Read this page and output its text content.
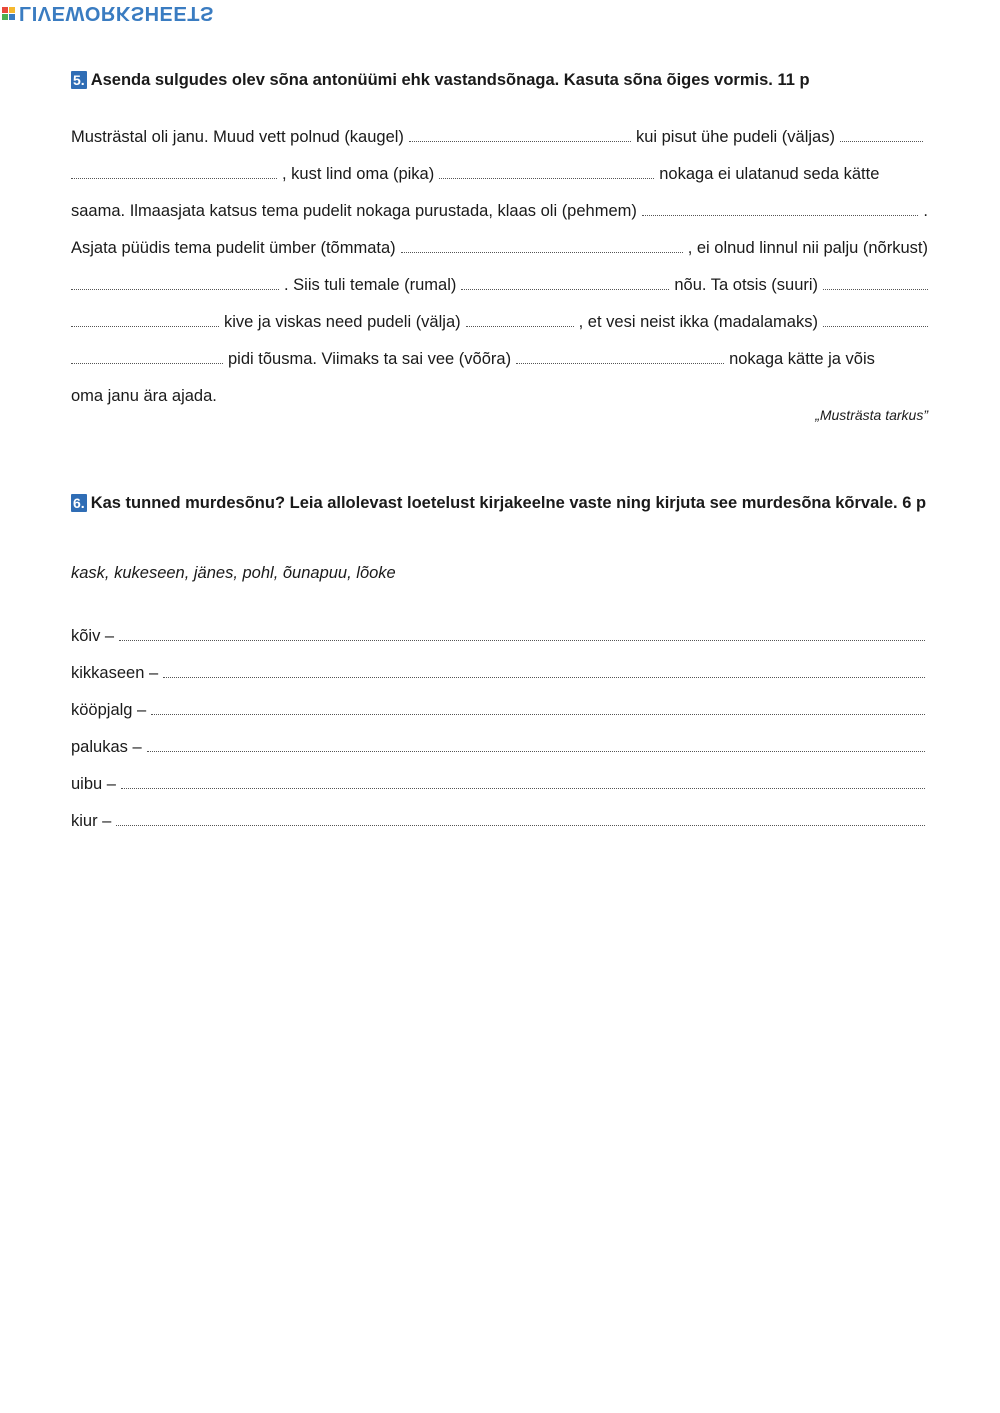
LIVEWORKSHEETS
5. Asenda sulgudes olev sõna antonüümi ehk vastandsõnaga. Kasuta sõna õiges vormis. 11 p
Musträstal oli janu. Muud vett polnud (kaugel)	kui pisut ühe pudeli (väljas)
, kust lind oma (pika)	nokaga ei ulatanud seda kätte
saama. Ilmaasjata katsus tema pudelit nokaga purustada, klaas oli (pehmem)	.
Asjata püüdis tema pudelit ümber (tõmmata)	, ei olnud linnul nii palju (nõrkust)
. Siis tuli temale (rumal)	nõu. Ta otsis (suuri)
kive ja viskas need pudeli (välja)	, et vesi neist ikka (madalamaks)
pidi tõusma. Viimaks ta sai vee (võõra)	nokaga kätte ja võis
oma janu ära ajada.
„Musträsta tarkus”
6. Kas tunned murdesõnu? Leia allolevast loetelust kirjakeelne vaste ning kirjuta see murdesõna kõrvale. 6 p
kask, kukeseen, jänes, pohl, õunapuu, lõoke
kõiv –
kikkaseen –
kööpjalg –
palukas –
uibu –
kiur –
